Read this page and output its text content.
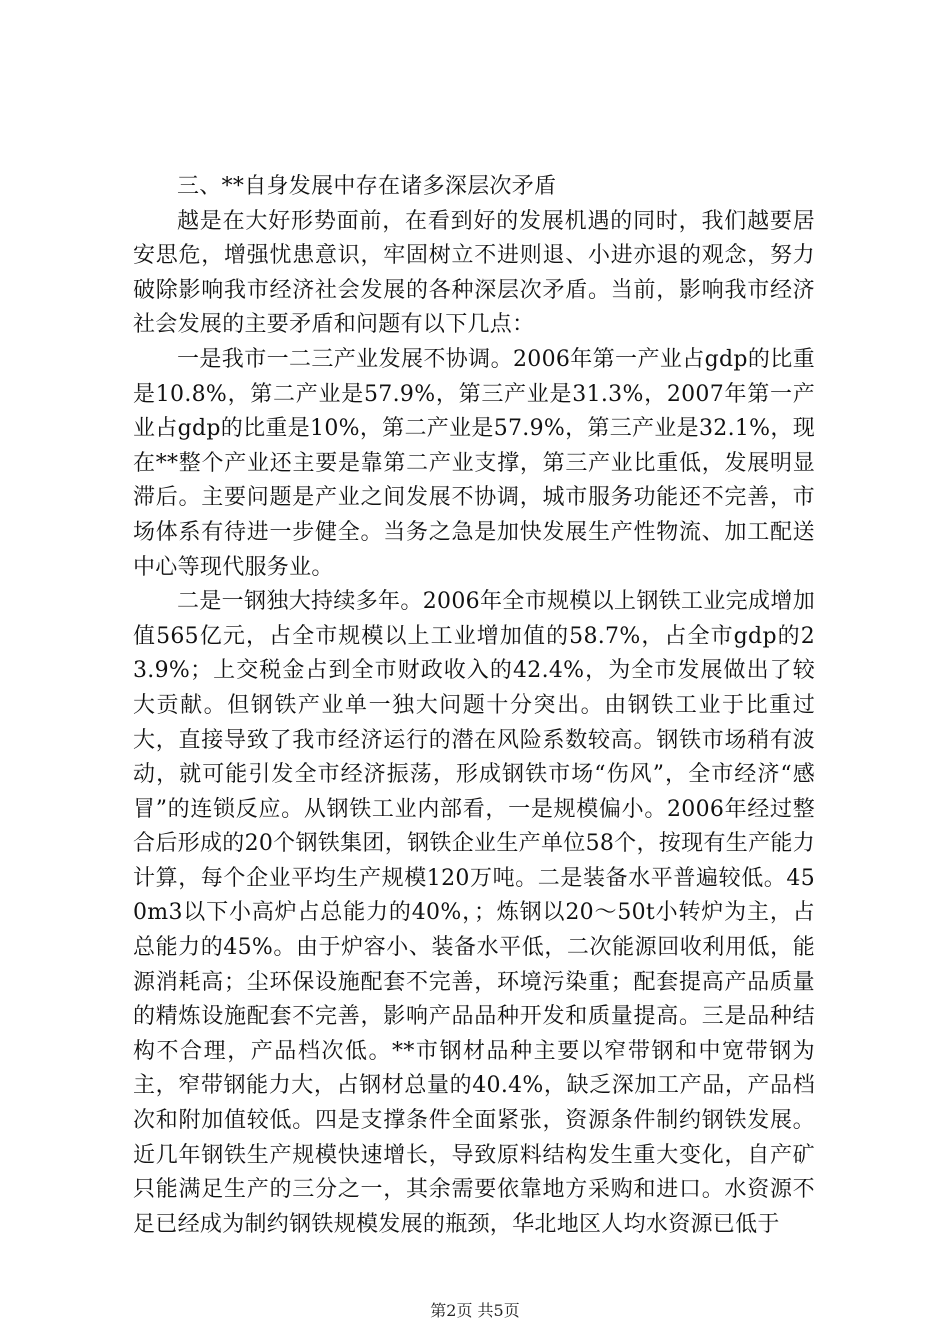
三、**自身发展中存在诸多深层次矛盾

越是在大好形势面前，在看到好的发展机遇的同时，我们越要居安思危，增强忧患意识，牢固树立不进则退、小进亦退的观念，努力破除影响我市经济社会发展的各种深层次矛盾。当前，影响我市经济社会发展的主要矛盾和问题有以下几点：

一是我市一二三产业发展不协调。2006年第一产业占gdp的比重是10.8%，第二产业是57.9%，第三产业是31.3%，2007年第一产业占gdp的比重是10%，第二产业是57.9%，第三产业是32.1%，现在**整个产业还主要是靠第二产业支撑，第三产业比重低，发展明显滞后。主要问题是产业之间发展不协调，城市服务功能还不完善，市场体系有待进一步健全。当务之急是加快发展生产性物流、加工配送中心等现代服务业。

二是一钢独大持续多年。2006年全市规模以上钢铁工业完成增加值565亿元，占全市规模以上工业增加值的58.7%，占全市gdp的23.9%；上交税金占到全市财政收入的42.4%，为全市发展做出了较大贡献。但钢铁产业单一独大问题十分突出。由钢铁工业于比重过大，直接导致了我市经济运行的潜在风险系数较高。钢铁市场稍有波动，就可能引发全市经济振荡，形成钢铁市场“伤风”，全市经济“感冒”的连锁反应。从钢铁工业内部看，一是规模偏小。2006年经过整合后形成的20个钢铁集团，钢铁企业生产单位58个，按现有生产能力计算，每个企业平均生产规模120万吨。二是装备水平普遍较低。450m3以下小高炉占总能力的40%，；炼钢以20～50t小转炉为主，占总能力的45%。由于炉容小、装备水平低，二次能源回收利用低，能源消耗高；尘环保设施配套不完善，环境污染重；配套提高产品质量的精炼设施配套不完善，影响产品品种开发和质量提高。三是品种结构不合理，产品档次低。**市钢材品种主要以窄带钢和中宽带钢为主，窄带钢能力大，占钢材总量的40.4%，缺乏深加工产品，产品档次和附加值较低。四是支撑条件全面紧张，资源条件制约钢铁发展。近几年钢铁生产规模快速增长，导致原料结构发生重大变化，自产矿只能满足生产的三分之一，其余需要依靠地方采购和进口。水资源不足已经成为制约钢铁规模发展的瓶颈，华北地区人均水资源已低于

第2页 共5页
